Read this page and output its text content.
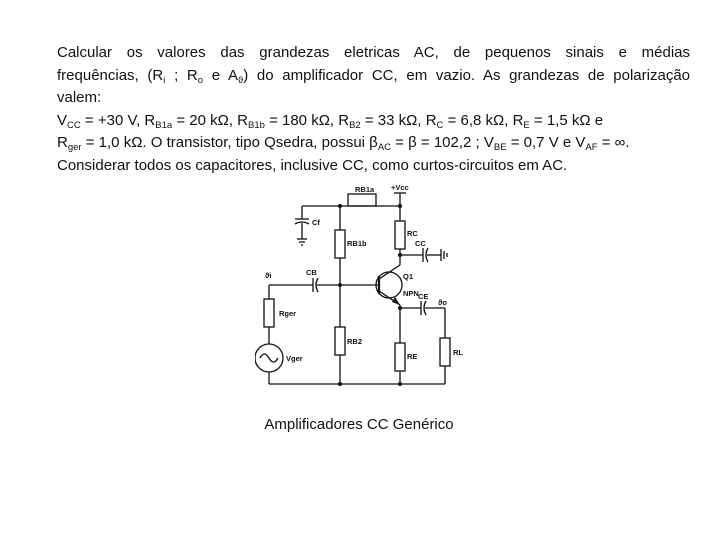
Calcular os valores das grandezas eletricas AC, de pequenos sinais e médias

frequências, ($R_i$ ; $R_o$ e $A_ϑ$) do amplificador CC, em vazio. As grandezas de polarização

valem:

$V_{CC} = +30$ V, $R_{B1a} = 20$ kΩ, $R_{B1b} = 180$ kΩ, $R_{B2} = 33$ kΩ, $R_C = 6,8$ kΩ, $R_E = 1,5$ kΩ e

$R_{ger} = 1,0$ kΩ. O transistor, tipo Qsedra, possui $\beta_{AC} = \beta = 102,2$ ; $V_{BE} = 0,7$ V e $V_{AF}$ = ∞.

Considerar todos os capacitores, inclusive CC, como curtos-circuitos em AC.

+Vcc
RB1a
Cf
RB1b
RC
CC
ϑi	CB	Q1
NPN CE
ϑo
Rger
RB2
RE	RL
Vger
Amplificadores CC Genérico
